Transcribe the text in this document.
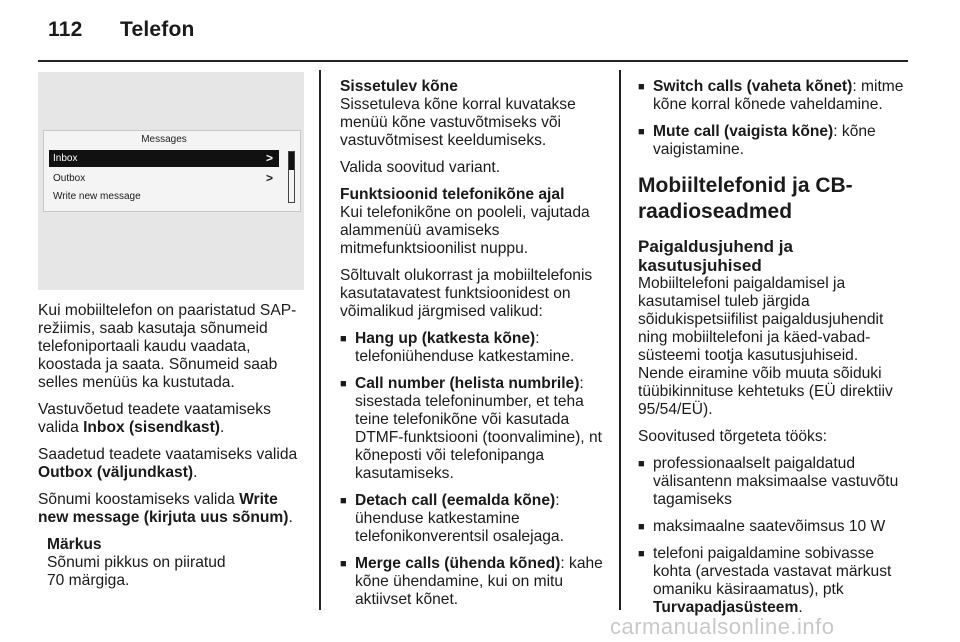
112 Telefon
Messages
Inbox	>
Outbox	>
Write new message

Kui mobiiltelefon on paaristatud SAP-režiimis, saab kasutaja sõnumeid telefoniportaali kaudu vaadata, koostada ja saata. Sõnumeid saab selles menüüs ka kustutada.

Vastuvõetud teadete vaatamiseks valida Inbox (sisendkast).

Saadetud teadete vaatamiseks valida Outbox (väljundkast).

Sõnumi koostamiseks valida Write new message (kirjuta uus sõnum).

Märkus
Sõnumi pikkus on piiratud 70 märgiga.
Sissetulev kõne

Sissetuleva kõne korral kuvatakse menüü kõne vastuvõtmiseks või vastuvõtmisest keeldumiseks.

Valida soovitud variant.

Funktsioonid telefonikõne ajal

Kui telefonikõne on pooleli, vajutada alammenüü avamiseks mitmefunktsioonilist nuppu.

Sõltuvalt olukorrast ja mobiiltelefonis kasutatavatest funktsioonidest on võimalikud järgmised valikud:

■ Hang up (katkesta kõne): telefoniühenduse katkestamine.
■ Call number (helista numbrile): sisestada telefoninumber, et teha teine telefonikõne või kasutada DTMF-funktsiooni (toonvalimine), nt kõneposti või telefonipanga kasutamiseks.
■ Detach call (eemalda kõne): ühenduse katkestamine telefonikonverentsil osalejaga.
■ Merge calls (ühenda kõned): kahe kõne ühendamine, kui on mitu aktiivset kõnet.
■ Switch calls (vaheta kõnet): mitme kõne korral kõnede vaheldamine.
■ Mute call (vaigista kõne): kõne vaigistamine.
Mobiiltelefonid ja CB-raadioseadmed
Paigaldusjuhend ja kasutusjuhised

Mobiiltelefoni paigaldamisel ja kasutamisel tuleb järgida sõidukispetsiifilist paigaldusjuhendit ning mobiiltelefoni ja käed-vabad-süsteemi tootja kasutusjuhiseid. Nende eiramine võib muuta sõiduki tüübikinnituse kehtetuks (EÜ direktiiv 95/54/EÜ).

Soovitused tõrgeteta tööks:

■ professionaalselt paigaldatud välisantenn maksimaalse vastuvõtu tagamiseks
■ maksimaalne saatevõimsus 10 W
■ telefoni paigaldamine sobivasse kohta (arvestada vastavat märkust omaniku käsiraamatus), ptk Turvapadjasüsteem.
carmanualsonline.info
